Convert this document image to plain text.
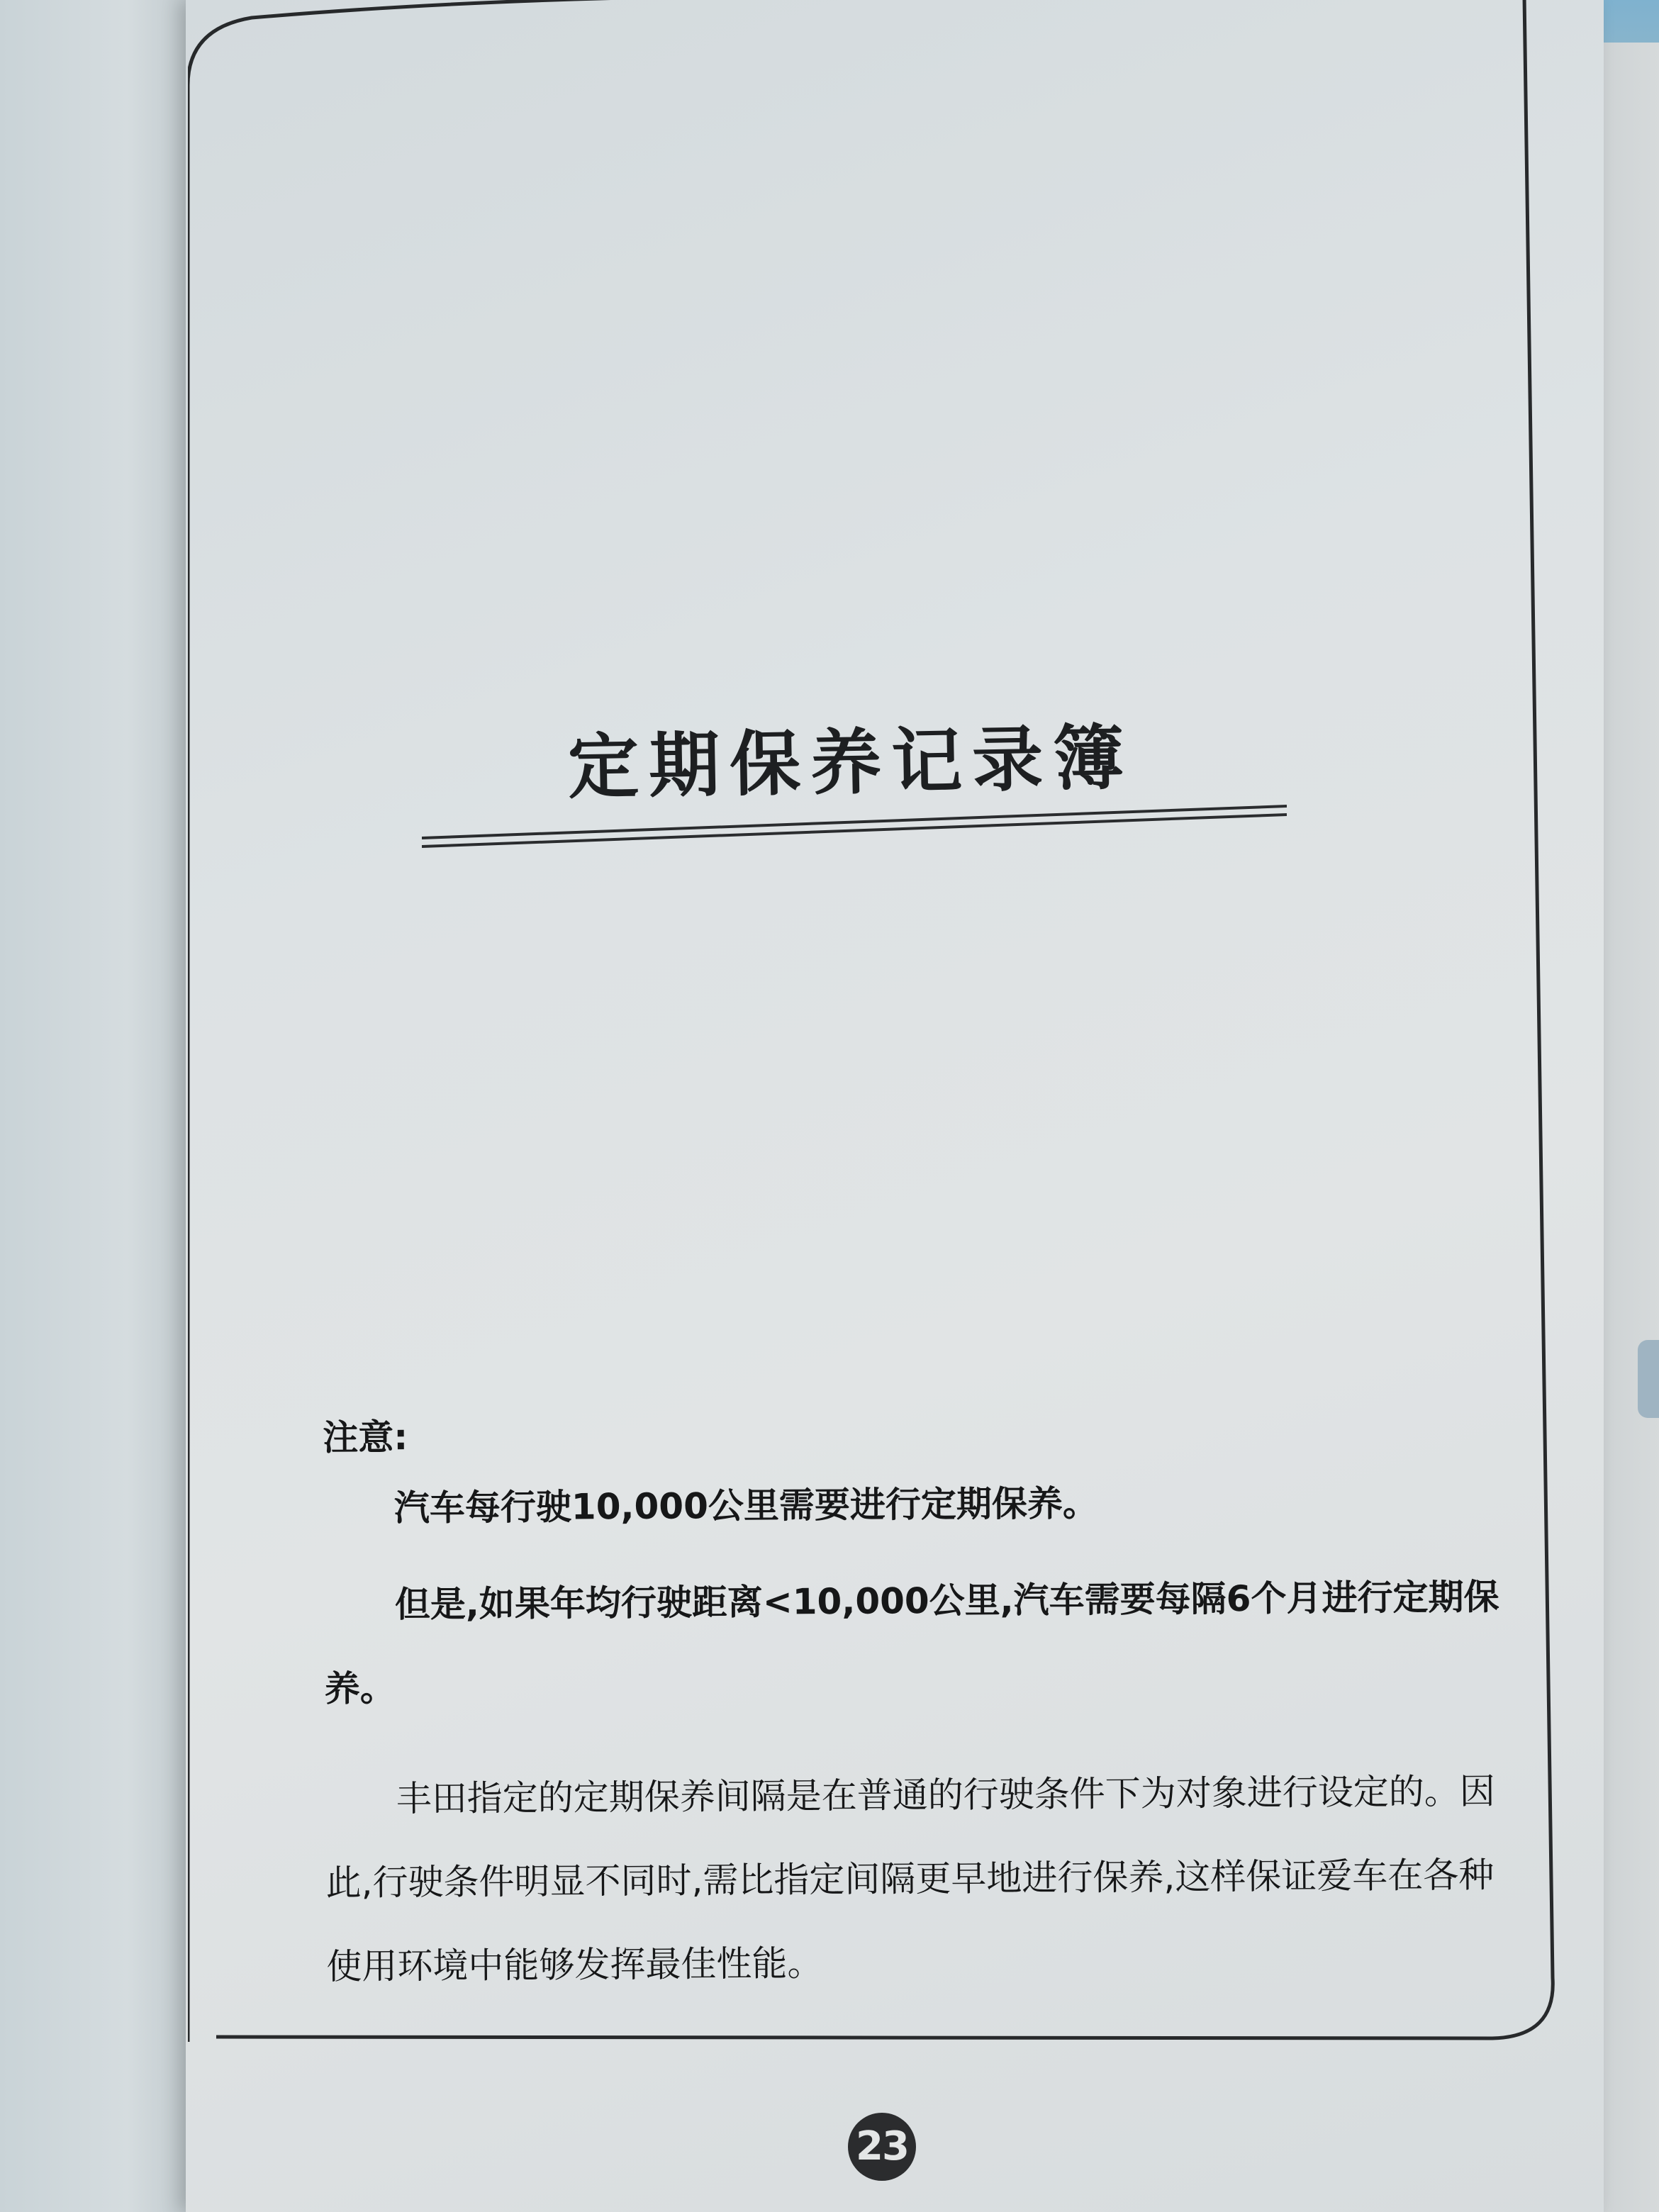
定期保养记录簿

注意:

汽车每行驶10,000公里需要进行定期保养。

但是,如果年均行驶距离<10,000公里,汽车需要每隔6个月进行定期保养。

丰田指定的定期保养间隔是在普通的行驶条件下为对象进行设定的。因此,行驶条件明显不同时,需比指定间隔更早地进行保养,这样保证爱车在各种使用环境中能够发挥最佳性能。

23
